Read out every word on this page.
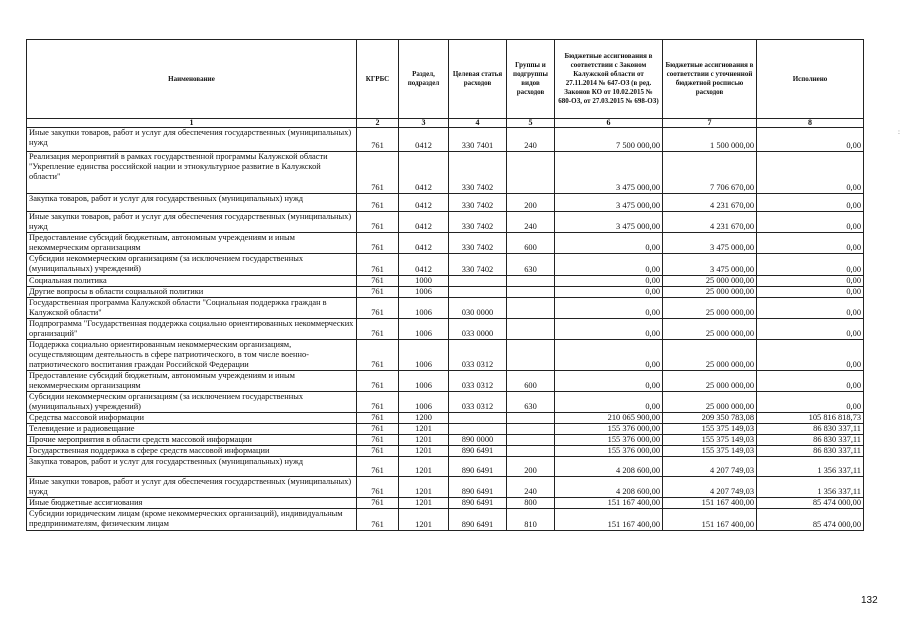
Наименование	КГРБС	Раздел, подраздел	Целевая статья расходов	Группы и подгруппы видов расходов	Бюджетные ассигнования в соответствии с Законом Калужской области от 27.11.2014 № 647-ОЗ (в ред. Законов КО от 10.02.2015 № 680-ОЗ, от 27.03.2015 № 698-ОЗ)	Бюджетные ассигнования в соответствии с уточненной бюджетной росписью расходов	Исполнено
1	2	3	4	5	6	7	8
Иные закупки товаров, работ и услуг для обеспечения государственных (муниципальных) нужд	761	0412	330 7401	240	7 500 000,00	1 500 000,00	0,00
Реализация мероприятий в рамках государственной программы Калужской области "Укрепление единства российской нации и этнокультурное развитие в Калужской области"	761	0412	330 7402		3 475 000,00	7 706 670,00	0,00
Закупка товаров, работ и услуг для государственных (муниципальных) нужд	761	0412	330 7402	200	3 475 000,00	4 231 670,00	0,00
Иные закупки товаров, работ и услуг для обеспечения государственных (муниципальных) нужд	761	0412	330 7402	240	3 475 000,00	4 231 670,00	0,00
Предоставление субсидий бюджетным, автономным учреждениям и иным некоммерческим организациям	761	0412	330 7402	600	0,00	3 475 000,00	0,00
Субсидии некоммерческим организациям (за исключением государственных (муниципальных) учреждений)	761	0412	330 7402	630	0,00	3 475 000,00	0,00
Социальная политика	761	1000			0,00	25 000 000,00	0,00
Другие вопросы в области социальной политики	761	1006			0,00	25 000 000,00	0,00
Государственная программа Калужской области "Социальная поддержка граждан в Калужской области"	761	1006	030 0000		0,00	25 000 000,00	0,00
Подпрограмма "Государственная поддержка социально ориентированных некоммерческих организаций"	761	1006	033 0000		0,00	25 000 000,00	0,00
Поддержка социально ориентированным некоммерческим организациям, осуществляющим деятельность в сфере патриотического, в том числе военно-патриотического воспитания граждан Российской Федерации	761	1006	033 0312		0,00	25 000 000,00	0,00
Предоставление субсидий бюджетным, автономным учреждениям и иным некоммерческим организациям	761	1006	033 0312	600	0,00	25 000 000,00	0,00
Субсидии некоммерческим организациям (за исключением государственных (муниципальных) учреждений)	761	1006	033 0312	630	0,00	25 000 000,00	0,00
Средства массовой информации	761	1200			210 065 900,00	209 350 783,08	105 816 818,73
Телевидение и радиовещание	761	1201			155 376 000,00	155 375 149,03	86 830 337,11
Прочие мероприятия в области средств массовой информации	761	1201	890 0000		155 376 000,00	155 375 149,03	86 830 337,11
Государственная поддержка в сфере средств массовой информации	761	1201	890 6491		155 376 000,00	155 375 149,03	86 830 337,11
Закупка товаров, работ и услуг для государственных (муниципальных) нужд	761	1201	890 6491	200	4 208 600,00	4 207 749,03	1 356 337,11
Иные закупки товаров, работ и услуг для обеспечения государственных (муниципальных) нужд	761	1201	890 6491	240	4 208 600,00	4 207 749,03	1 356 337,11
Иные бюджетные ассигнования	761	1201	890 6491	800	151 167 400,00	151 167 400,00	85 474 000,00
Субсидии юридическим лицам (кроме некоммерческих организаций), индивидуальным предпринимателям, физическим лицам	761	1201	890 6491	810	151 167 400,00	151 167 400,00	85 474 000,00
:
132
